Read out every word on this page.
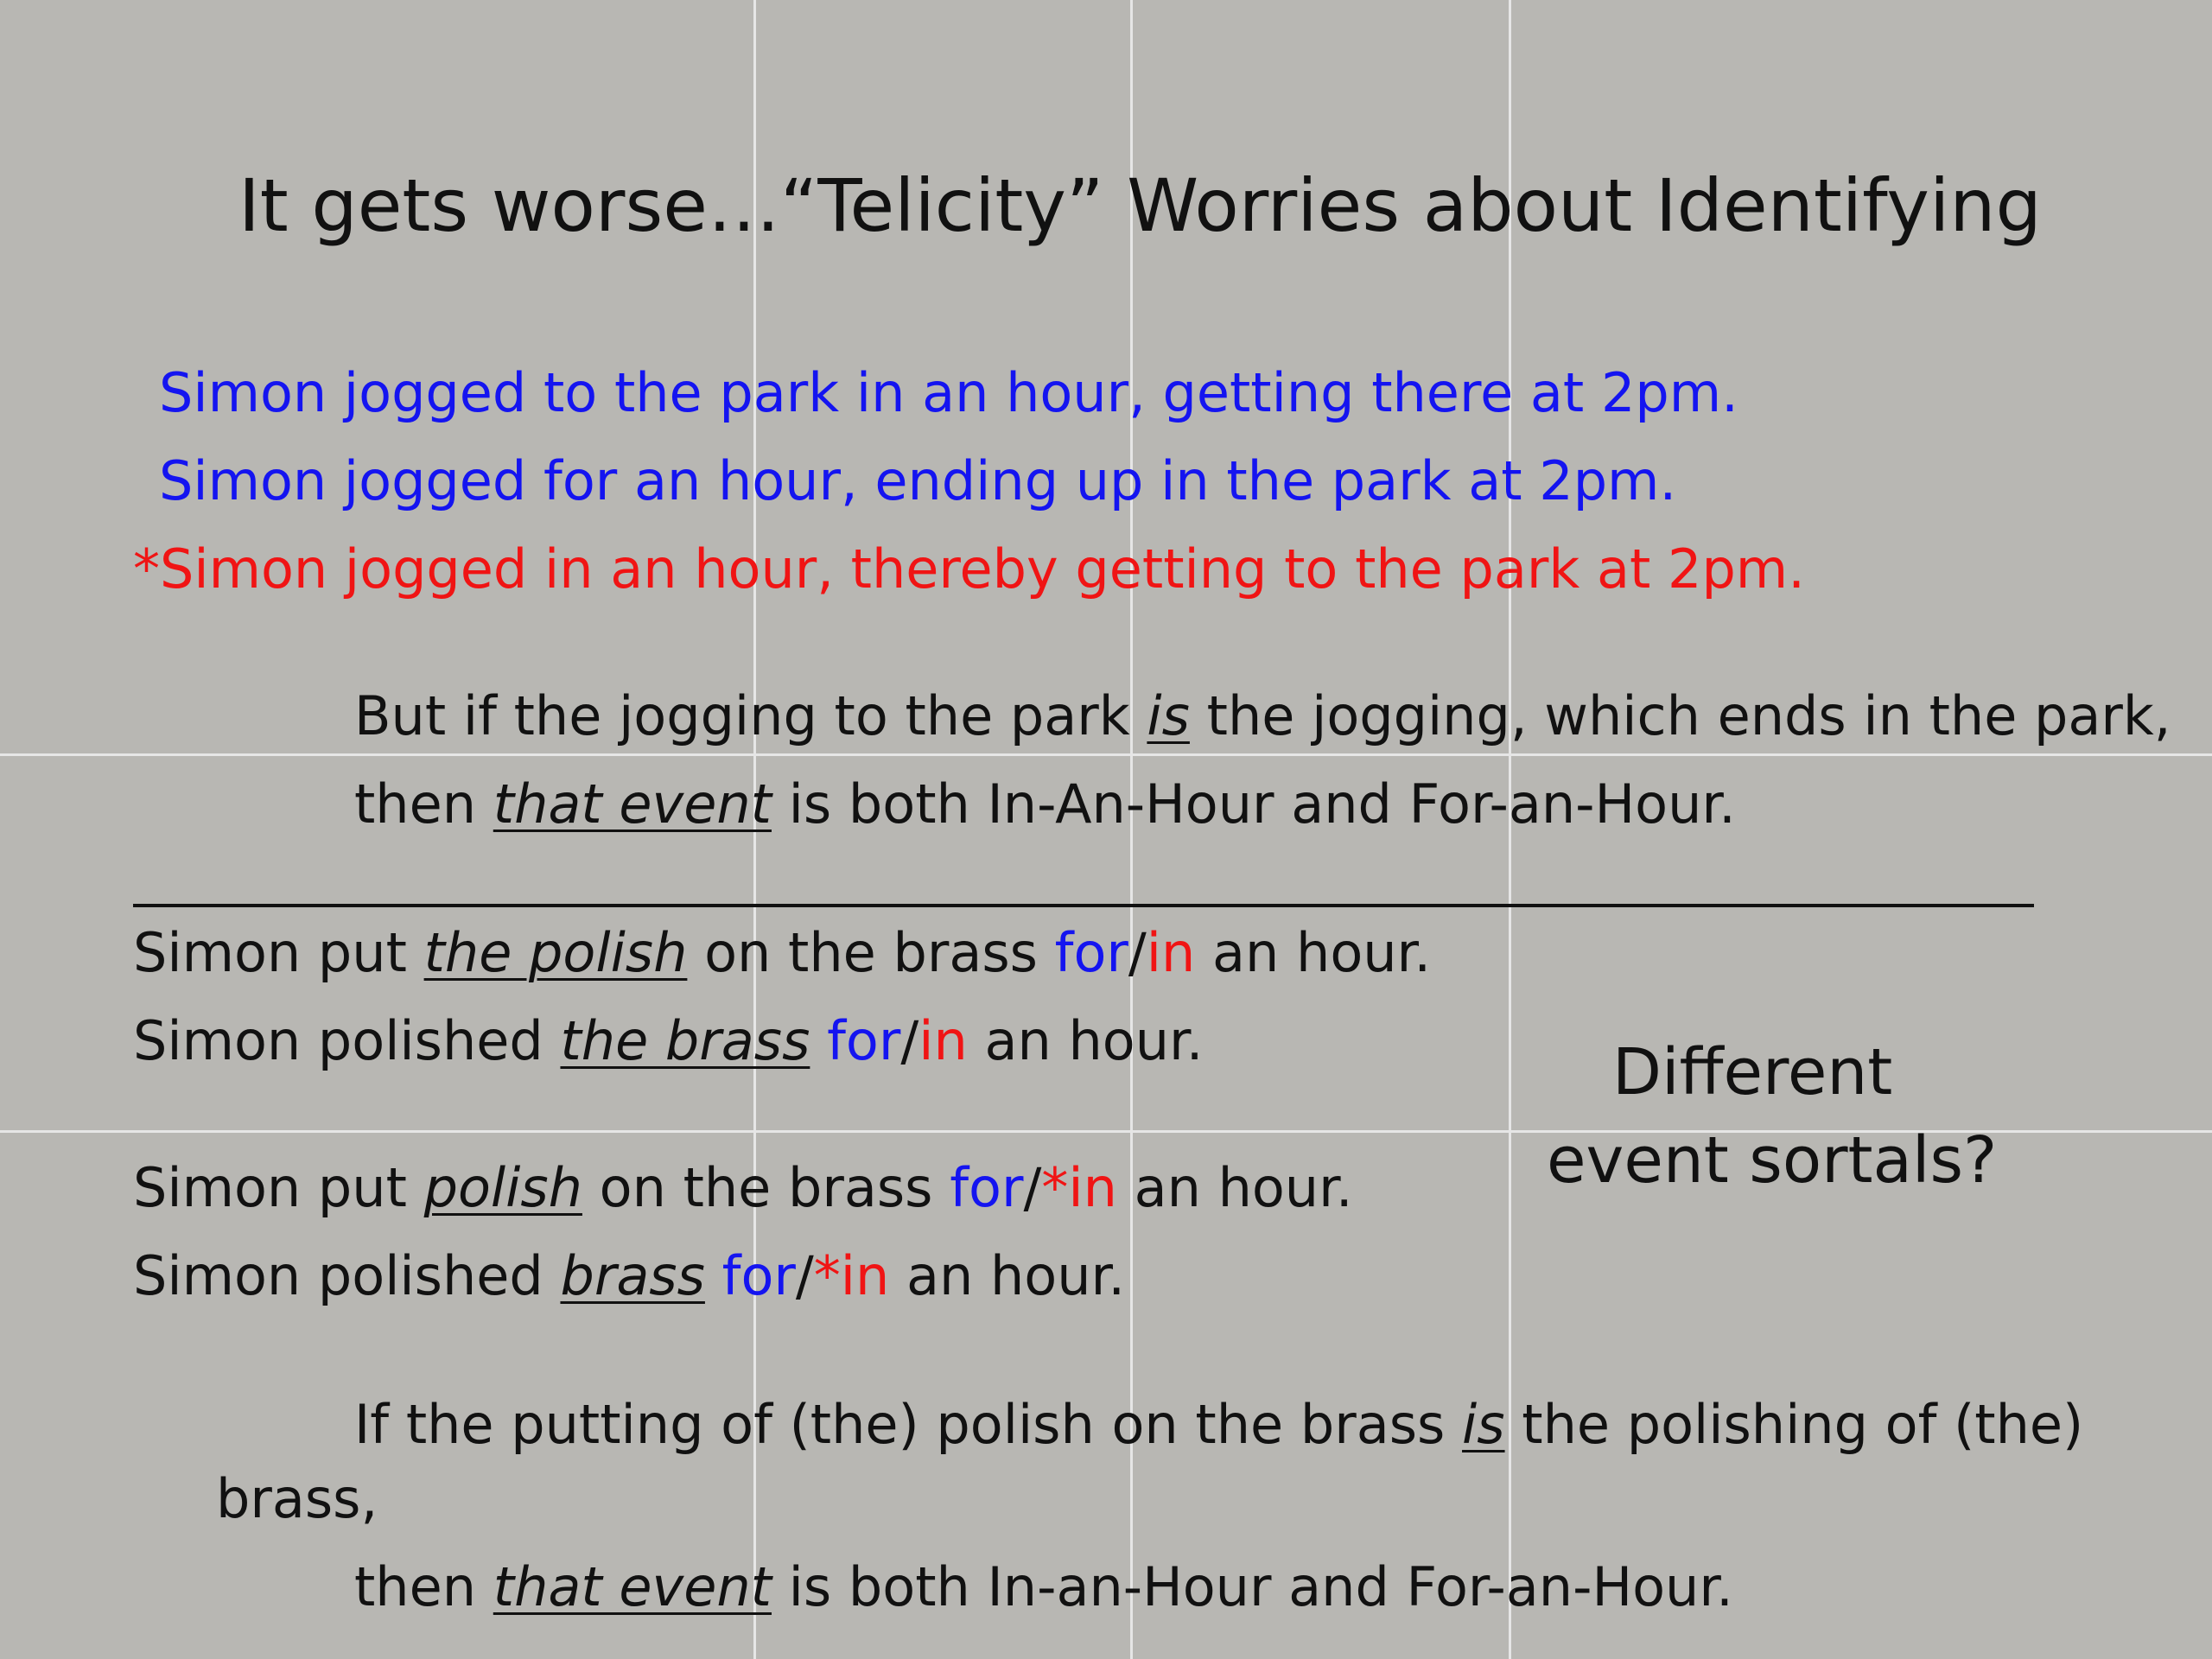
It gets worse…“Telicity” Worries about Identifying
Simon jogged to the park in an hour, getting there at 2pm.
Simon jogged for an hour, ending up in the park at 2pm.
*Simon jogged in an hour, thereby getting to the park at 2pm.
But if the jogging to the park is the jogging, which ends in the park,
then that event is both In-An-Hour and For-an-Hour.
Simon put the polish on the brass for/in an hour.
Simon polished the brass for/in an hour.	Different
event sortals?
Simon put polish on the brass for/*in an hour.
Simon polished brass for/*in an hour.
If the putting of (the) polish on the brass is the polishing of (the)
brass,
then that event is both In-an-Hour and For-an-Hour.
